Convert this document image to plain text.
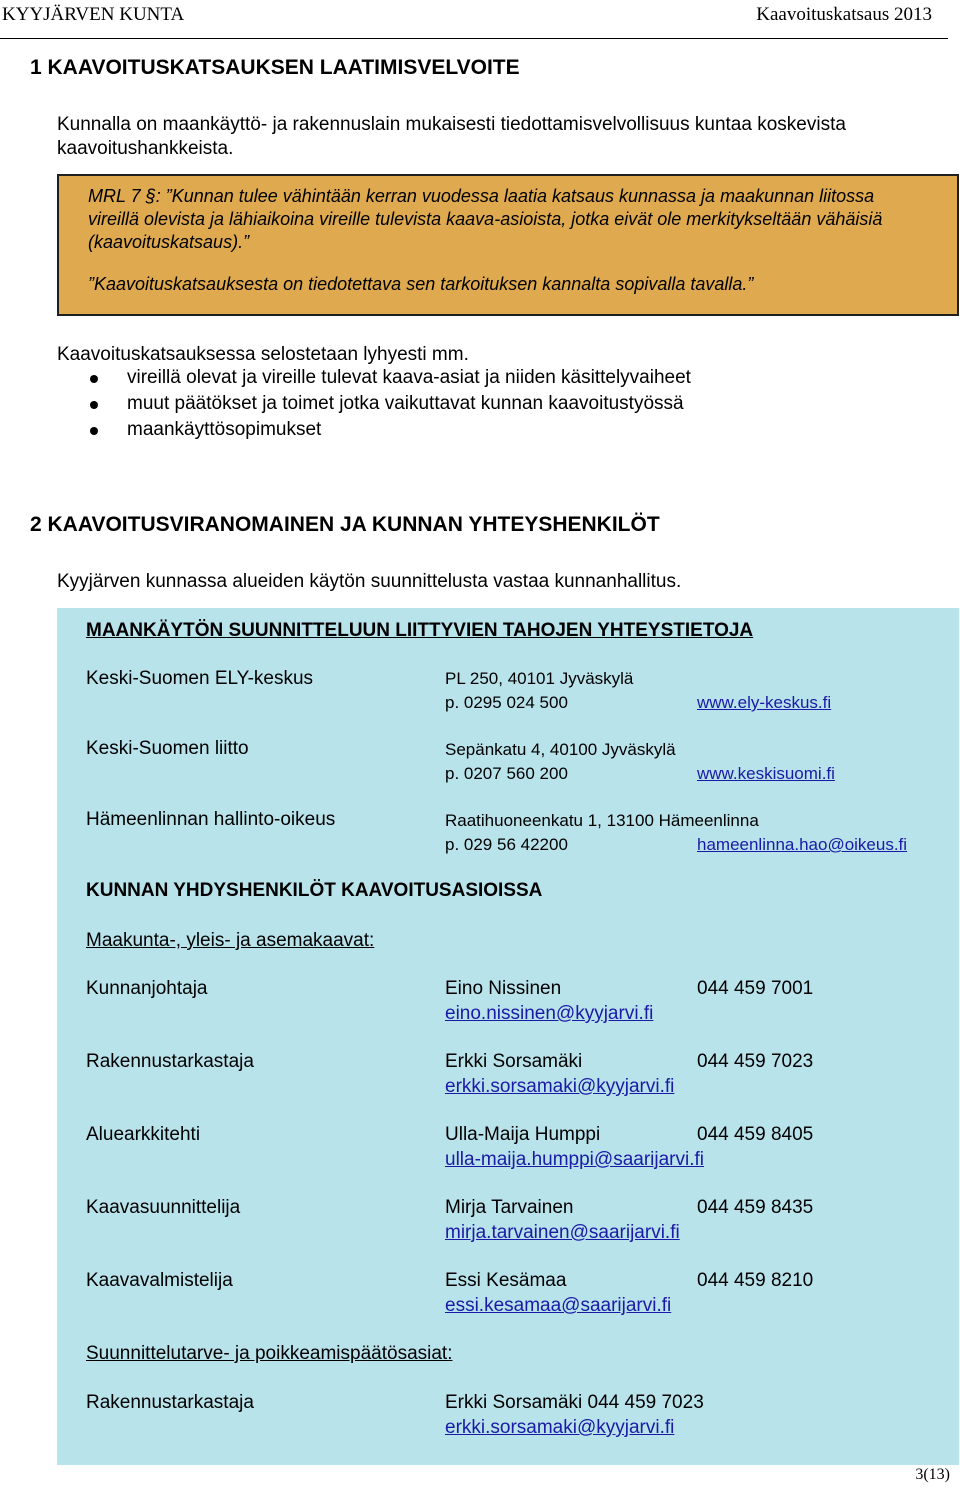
KYYJÄRVEN KUNTA	Kaavoituskatsaus 2013
1 KAAVOITUSKATSAUKSEN LAATIMISVELVOITE
Kunnalla on maankäyttö- ja rakennuslain mukaisesti tiedottamisvelvollisuus kuntaa koskevista
kaavoitushankkeista.
MRL 7 §: ”Kunnan tulee vähintään kerran vuodessa laatia katsaus kunnassa ja maakunnan liitossa
vireillä olevista ja lähiaikoina vireille tulevista kaava-asioista, jotka eivät ole merkitykseltään vähäisiä
(kaavoituskatsaus).”
”Kaavoituskatsauksesta on tiedotettava sen tarkoituksen kannalta sopivalla tavalla.”
Kaavoituskatsauksessa selostetaan lyhyesti mm.
vireillä olevat ja vireille tulevat kaava-asiat ja niiden käsittelyvaiheet
muut päätökset ja toimet jotka vaikuttavat kunnan kaavoitustyössä
maankäyttösopimukset
2 KAAVOITUSVIRANOMAINEN JA KUNNAN YHTEYSHENKILÖT
Kyyjärven kunnassa alueiden käytön suunnittelusta vastaa kunnanhallitus.
MAANKÄYTÖN SUUNNITTELUUN LIITTYVIEN TAHOJEN YHTEYSTIETOJA
Keski-Suomen ELY-keskus	PL 250, 40101 Jyväskylä
p. 0295 024 500	www.ely-keskus.fi
Keski-Suomen liitto	Sepänkatu 4, 40100 Jyväskylä
p. 0207 560 200	www.keskisuomi.fi
Hämeenlinnan hallinto-oikeus	Raatihuoneenkatu 1, 13100 Hämeenlinna
p. 029 56 42200	hameenlinna.hao@oikeus.fi
KUNNAN YHDYSHENKILÖT KAAVOITUSASIOISSA
Maakunta-, yleis- ja asemakaavat:
Kunnanjohtaja	Eino Nissinen	044 459 7001
eino.nissinen@kyyjarvi.fi
Rakennustarkastaja	Erkki Sorsamäki	044 459 7023
erkki.sorsamaki@kyyjarvi.fi
Aluearkkitehti	Ulla-Maija Humppi	044 459 8405
ulla-maija.humppi@saarijarvi.fi
Kaavasuunnittelija	Mirja Tarvainen	044 459 8435
mirja.tarvainen@saarijarvi.fi
Kaavavalmistelija	Essi Kesämaa	044 459 8210
essi.kesamaa@saarijarvi.fi
Suunnittelutarve- ja poikkeamispäätösasiat:
Rakennustarkastaja	Erkki Sorsamäki 044 459 7023
erkki.sorsamaki@kyyjarvi.fi
3(13)
